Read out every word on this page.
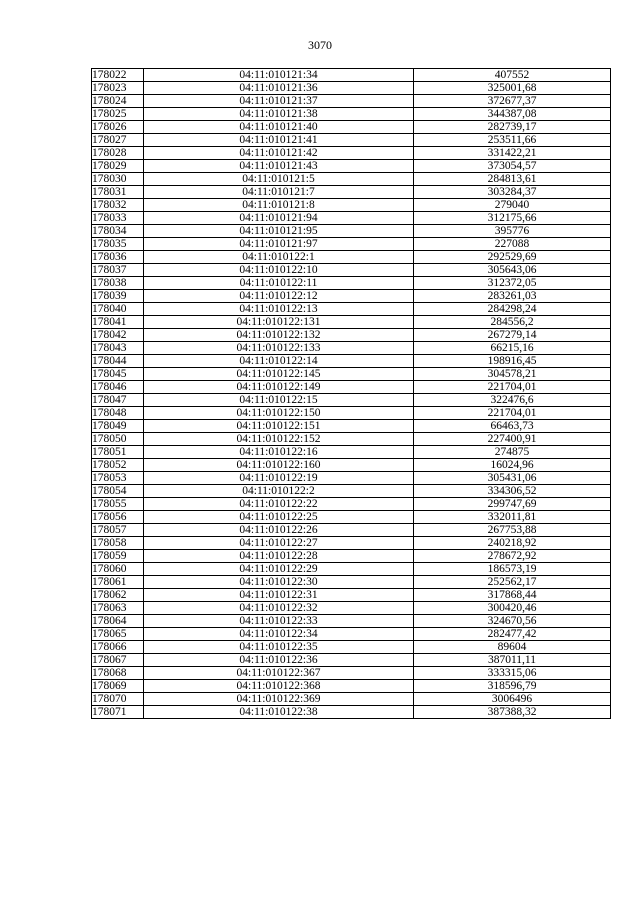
3070
178022	04:11:010121:34	407552
178023	04:11:010121:36	325001,68
178024	04:11:010121:37	372677,37
178025	04:11:010121:38	344387,08
178026	04:11:010121:40	282739,17
178027	04:11:010121:41	253511,66
178028	04:11:010121:42	331422,21
178029	04:11:010121:43	373054,57
178030	04:11:010121:5	284813,61
178031	04:11:010121:7	303284,37
178032	04:11:010121:8	279040
178033	04:11:010121:94	312175,66
178034	04:11:010121:95	395776
178035	04:11:010121:97	227088
178036	04:11:010122:1	292529,69
178037	04:11:010122:10	305643,06
178038	04:11:010122:11	312372,05
178039	04:11:010122:12	283261,03
178040	04:11:010122:13	284298,24
178041	04:11:010122:131	284556,2
178042	04:11:010122:132	267279,14
178043	04:11:010122:133	66215,16
178044	04:11:010122:14	198916,45
178045	04:11:010122:145	304578,21
178046	04:11:010122:149	221704,01
178047	04:11:010122:15	322476,6
178048	04:11:010122:150	221704,01
178049	04:11:010122:151	66463,73
178050	04:11:010122:152	227400,91
178051	04:11:010122:16	274875
178052	04:11:010122:160	16024,96
178053	04:11:010122:19	305431,06
178054	04:11:010122:2	334306,52
178055	04:11:010122:22	299747,69
178056	04:11:010122:25	332011,81
178057	04:11:010122:26	267753,88
178058	04:11:010122:27	240218,92
178059	04:11:010122:28	278672,92
178060	04:11:010122:29	186573,19
178061	04:11:010122:30	252562,17
178062	04:11:010122:31	317868,44
178063	04:11:010122:32	300420,46
178064	04:11:010122:33	324670,56
178065	04:11:010122:34	282477,42
178066	04:11:010122:35	89604
178067	04:11:010122:36	387011,11
178068	04:11:010122:367	333315,06
178069	04:11:010122:368	318596,79
178070	04:11:010122:369	3006496
178071	04:11:010122:38	387388,32
